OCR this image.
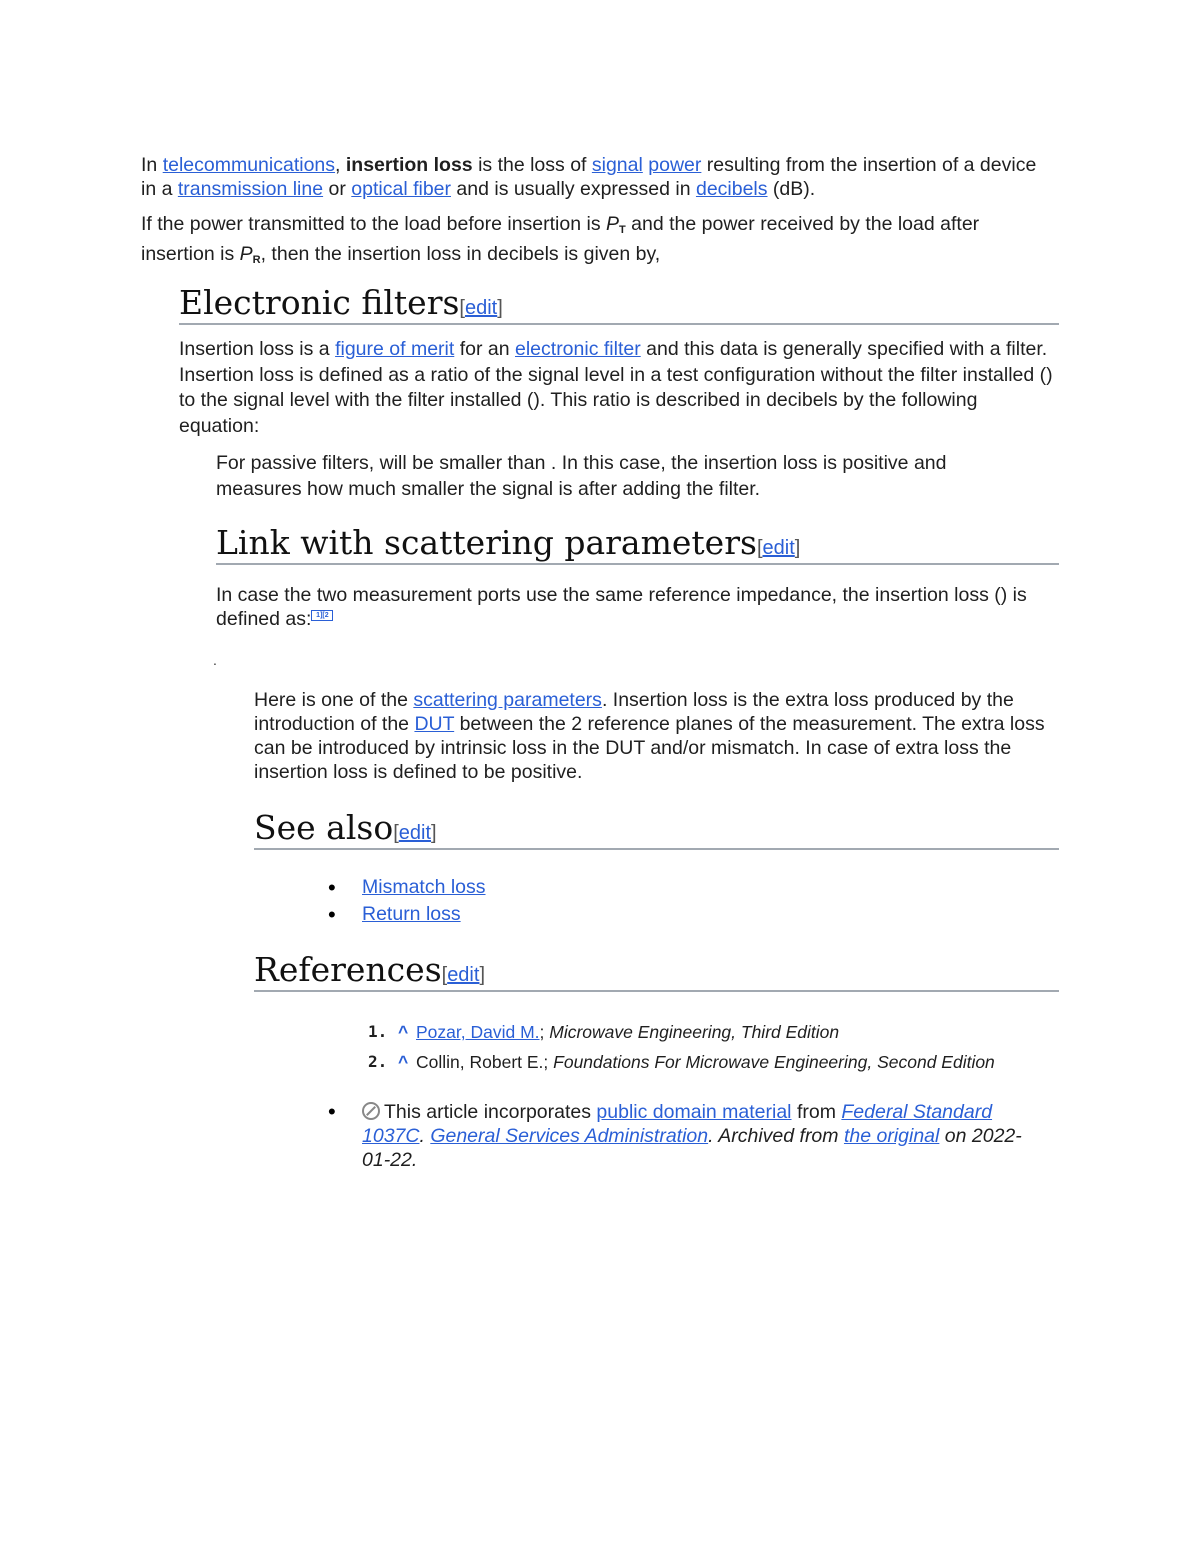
In telecommunications, insertion loss is the loss of signal power resulting from the insertion of a device in a transmission line or optical fiber and is usually expressed in decibels (dB).

If the power transmitted to the load before insertion is $P_T$ and the power received by the load after insertion is $P_R$, then the insertion loss in decibels is given by,

Electronic filters[edit]

Insertion loss is a figure of merit for an electronic filter and this data is generally specified with a filter. Insertion loss is defined as a ratio of the signal level in a test configuration without the filter installed () to the signal level with the filter installed (). This ratio is described in decibels by the following equation:

For passive filters, will be smaller than . In this case, the insertion loss is positive and measures how much smaller the signal is after adding the filter.

Link with scattering parameters[edit]

In case the two measurement ports use the same reference impedance, the insertion loss () is defined as: 1][2

.

Here is one of the scattering parameters. Insertion loss is the extra loss produced by the introduction of the DUT between the 2 reference planes of the measurement. The extra loss can be introduced by intrinsic loss in the DUT and/or mismatch. In case of extra loss the insertion loss is defined to be positive.

See also[edit]
• Mismatch loss
• Return loss
References[edit]
1. ^ Pozar, David M.; Microwave Engineering, Third Edition
2. ^ Collin, Robert E.; Foundations For Microwave Engineering, Second Edition
• This article incorporates public domain material from Federal Standard 1037C. General Services Administration. Archived from the original on 2022-01-22.
